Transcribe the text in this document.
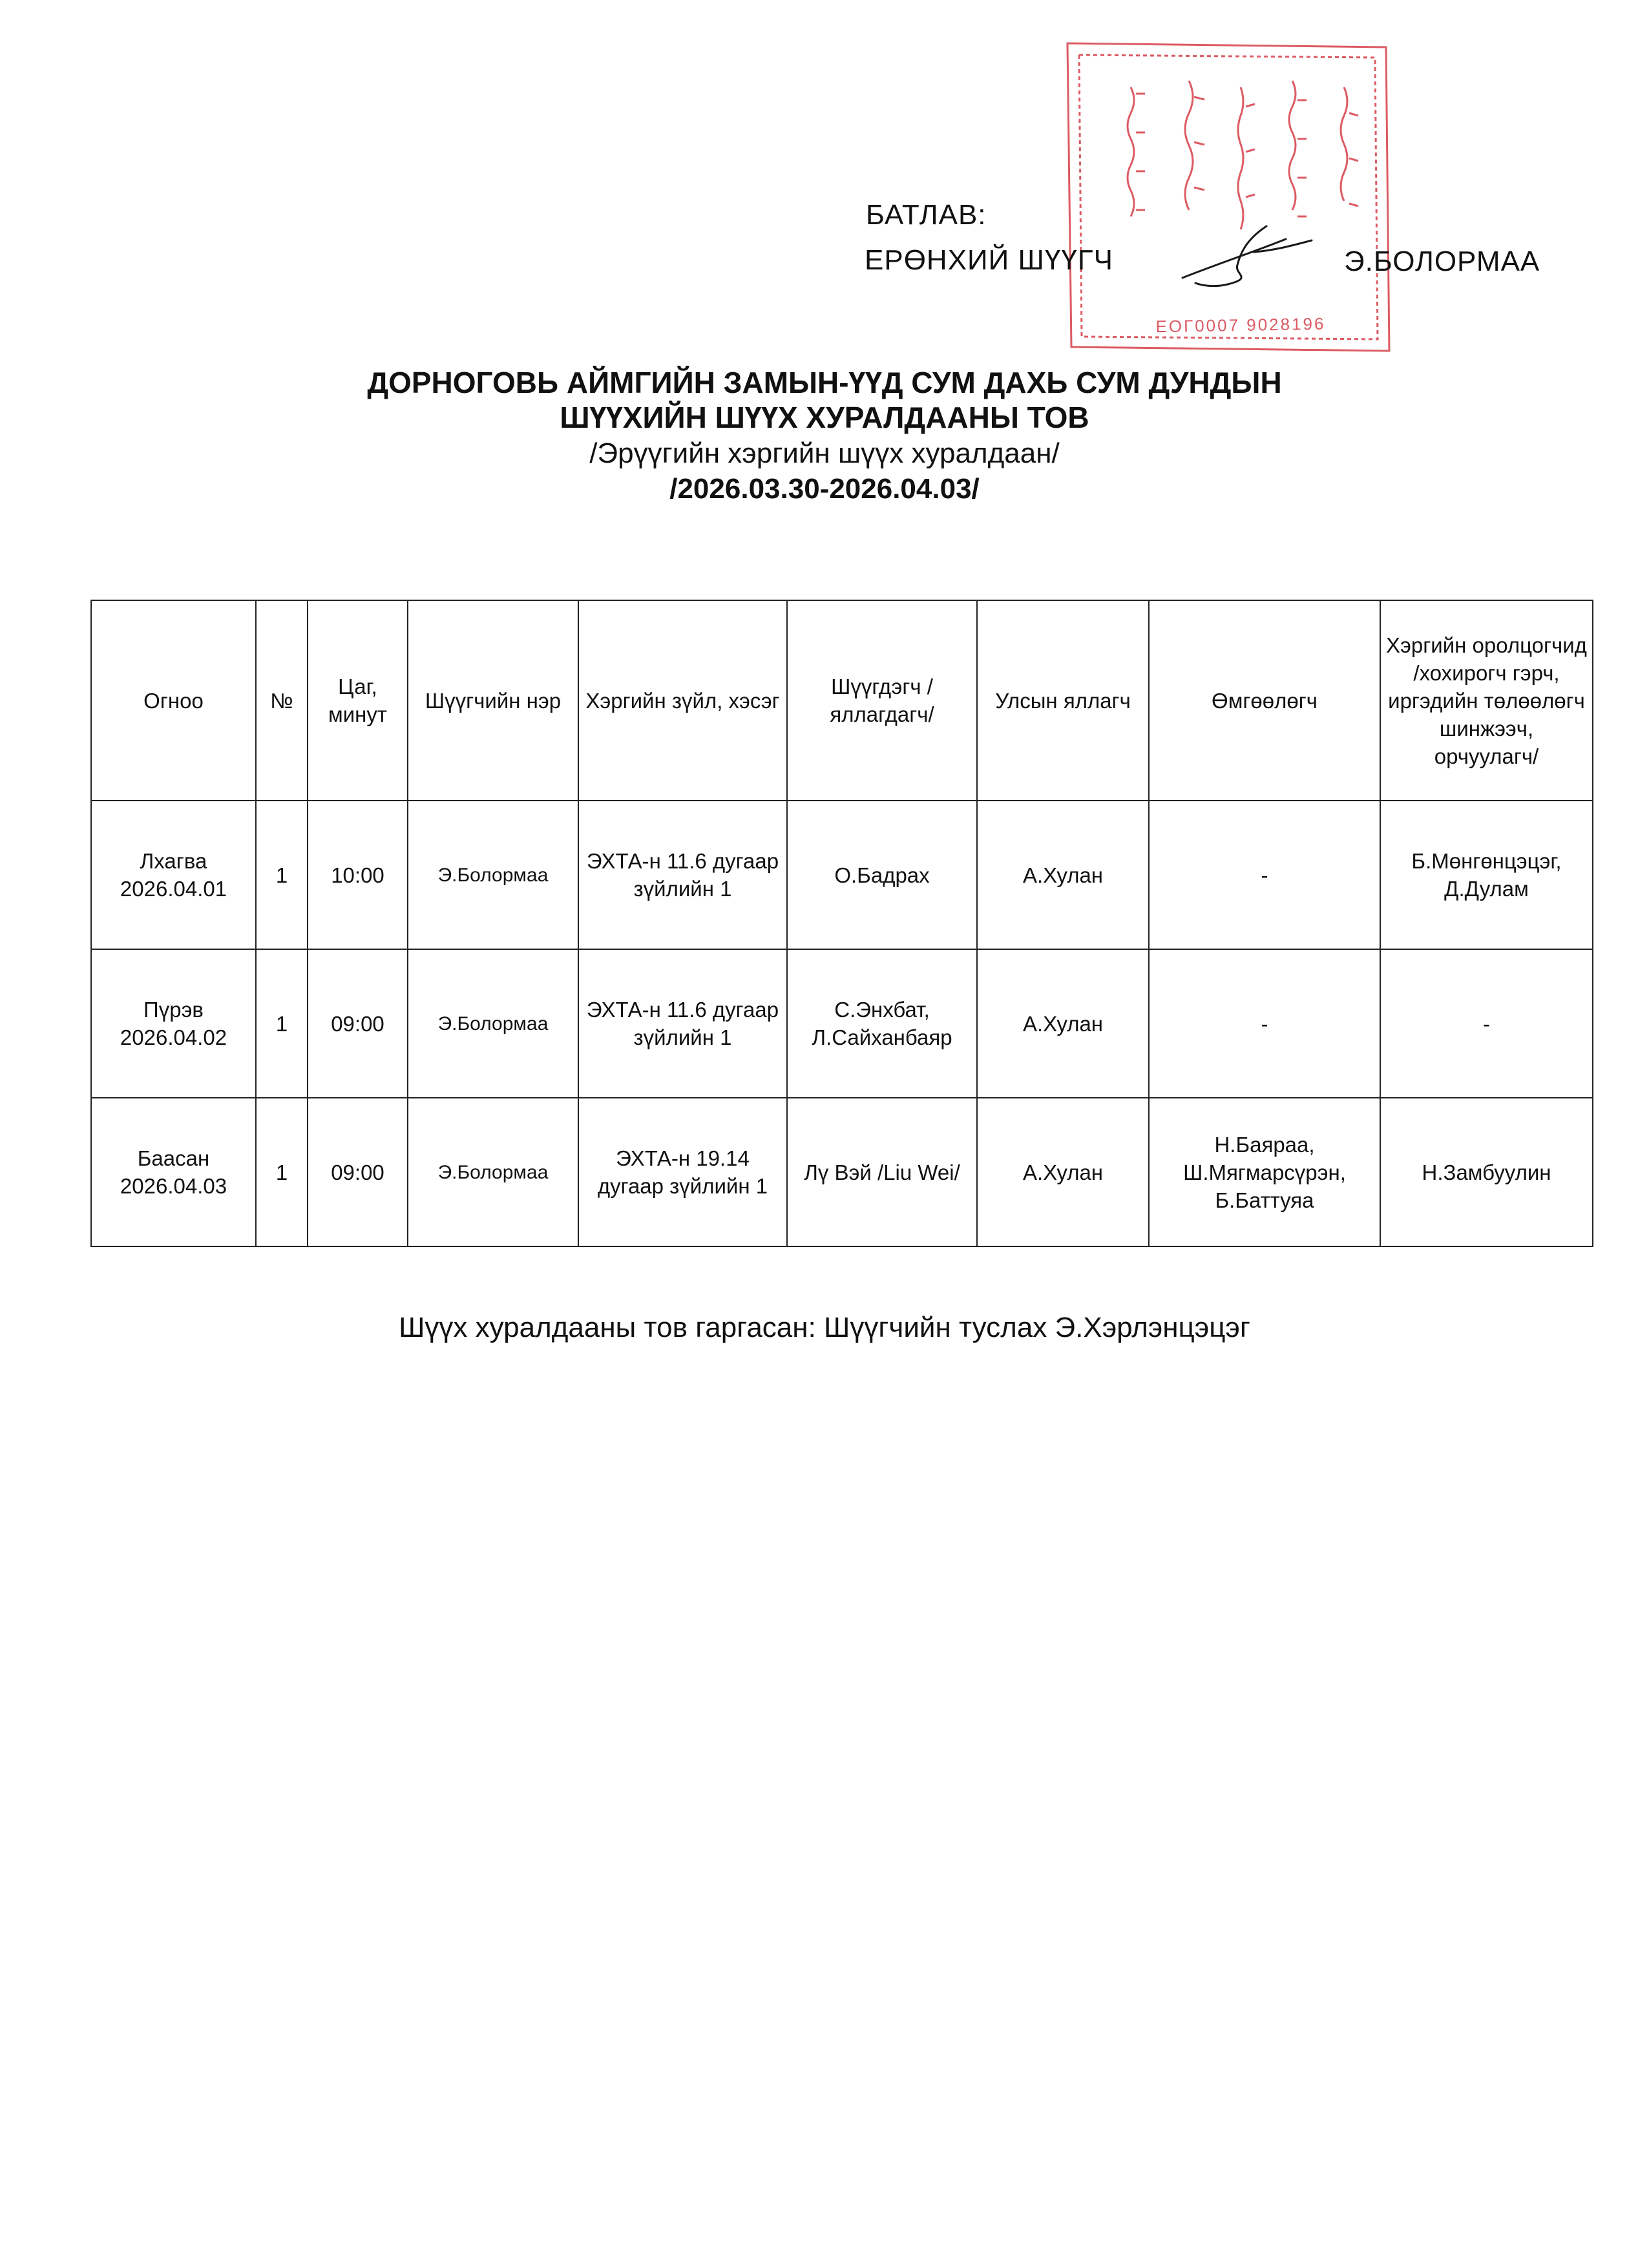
ЕОГ0007 9028196
БАТЛАВ:
ЕРӨНХИЙ ШҮҮГЧ	Э.БОЛОРМАА
ДОРНОГОВЬ АЙМГИЙН ЗАМЫН-ҮҮД СУМ ДАХЬ СУМ ДУНДЫН
ШҮҮХИЙН ШҮҮХ ХУРАЛДААНЫ ТОВ
/Эрүүгийн хэргийн шүүх хуралдаан/
/2026.03.30-2026.04.03/
Огноо	№	Цаг, минут	Шүүгчийн нэр	Хэргийн зүйл, хэсэг	Шүүгдэгч /яллагдагч/	Улсын яллагч	Өмгөөлөгч	Хэргийн оролцогчид /хохирогч гэрч, иргэдийн төлөөлөгч шинжээч, орчуулагч/

Лхагва
2026.04.01	1	10:00	Э.Болормаа	ЭХТА-н 11.6 дугаар зүйлийн 1	О.Бадрах	А.Хулан	-	Б.Мөнгөнцэцэг, Д.Дулам

Пүрэв
2026.04.02	1	09:00	Э.Болормаа	ЭХТА-н 11.6 дугаар зүйлийн 1	С.Энхбат, Л.Сайханбаяр	А.Хулан	-	-

Баасан
2026.04.03	1	09:00	Э.Болормаа	ЭХТА-н 19.14 дугаар зүйлийн 1	Лү Вэй /Liu Wei/	А.Хулан	Н.Баяраа, Ш.Мягмарсүрэн, Б.Баттуяа	Н.Замбуулин
Шүүх хуралдааны тов гаргасан: Шүүгчийн туслах Э.Хэрлэнцэцэг
